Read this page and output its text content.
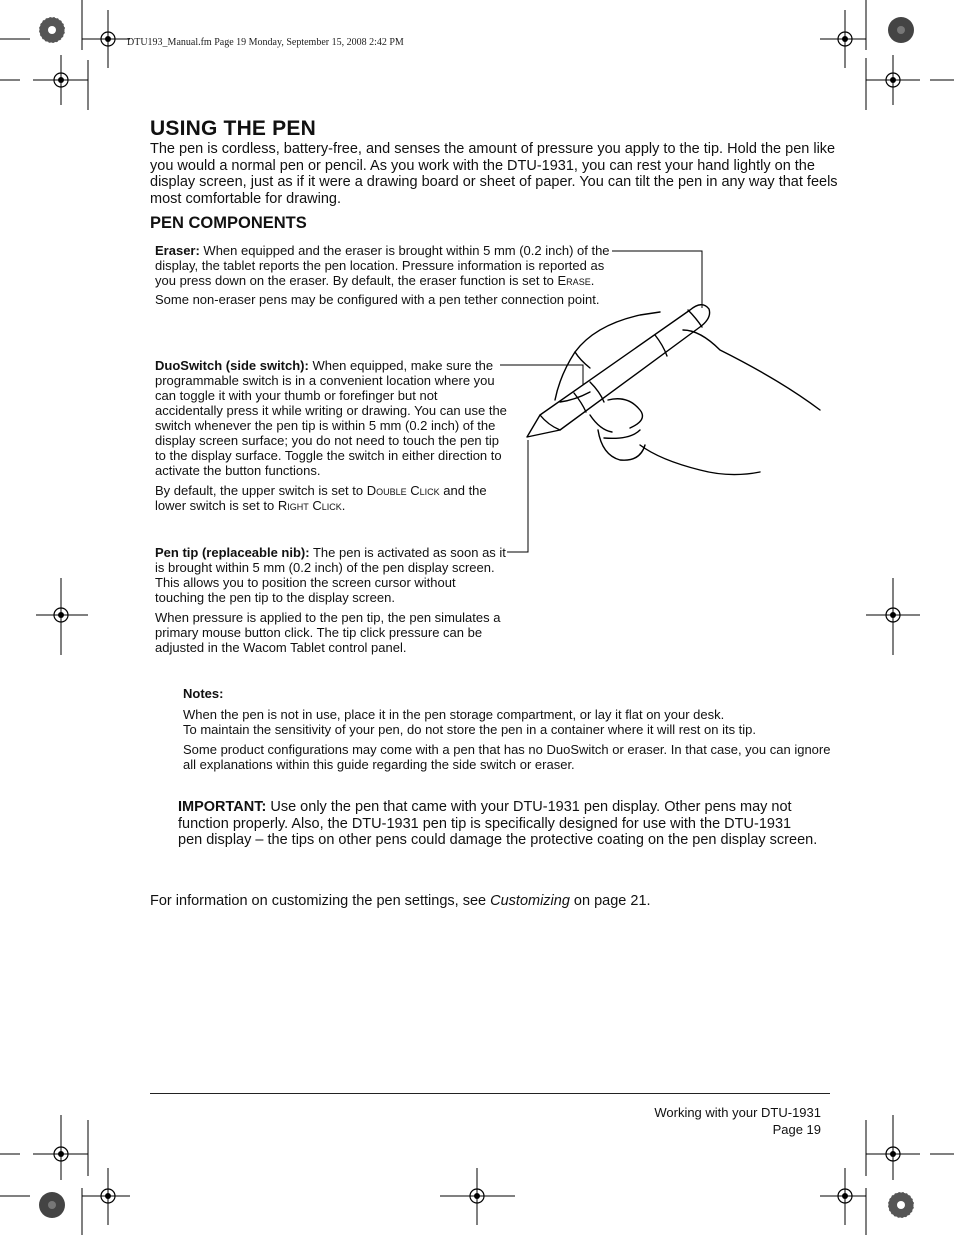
DTU193_Manual.fm Page 19 Monday, September 15, 2008 2:42 PM
USING THE PEN
The pen is cordless, battery-free, and senses the amount of pressure you apply to the tip. Hold the pen like you would a normal pen or pencil. As you work with the DTU-1931, you can rest your hand lightly on the display screen, just as if it were a drawing board or sheet of paper. You can tilt the pen in any way that feels most comfortable for drawing.
PEN COMPONENTS
Eraser: When equipped and the eraser is brought within 5 mm (0.2 inch) of the display, the tablet reports the pen location. Pressure information is reported as you press down on the eraser. By default, the eraser function is set to Erase.
Some non-eraser pens may be configured with a pen tether connection point.
DuoSwitch (side switch): When equipped, make sure the programmable switch is in a convenient location where you can toggle it with your thumb or forefinger but not accidentally press it while writing or drawing. You can use the switch whenever the pen tip is within 5 mm (0.2 inch) of the display screen surface; you do not need to touch the pen tip to the display surface. Toggle the switch in either direction to activate the button functions.
By default, the upper switch is set to Double Click and the lower switch is set to Right Click.
Pen tip (replaceable nib): The pen is activated as soon as it is brought within 5 mm (0.2 inch) of the pen display screen. This allows you to position the screen cursor without touching the pen tip to the display screen.
When pressure is applied to the pen tip, the pen simulates a primary mouse button click. The tip click pressure can be adjusted in the Wacom Tablet control panel.
Notes:
When the pen is not in use, place it in the pen storage compartment, or lay it flat on your desk.
To maintain the sensitivity of your pen, do not store the pen in a container where it will rest on its tip.
Some product configurations may come with a pen that has no DuoSwitch or eraser. In that case, you can ignore all explanations within this guide regarding the side switch or eraser.
IMPORTANT: Use only the pen that came with your DTU-1931 pen display. Other pens may not function properly. Also, the DTU-1931 pen tip is specifically designed for use with the DTU-1931 pen display – the tips on other pens could damage the protective coating on the pen display screen.
For information on customizing the pen settings, see Customizing on page 21.
Working with your DTU-1931
Page 19
